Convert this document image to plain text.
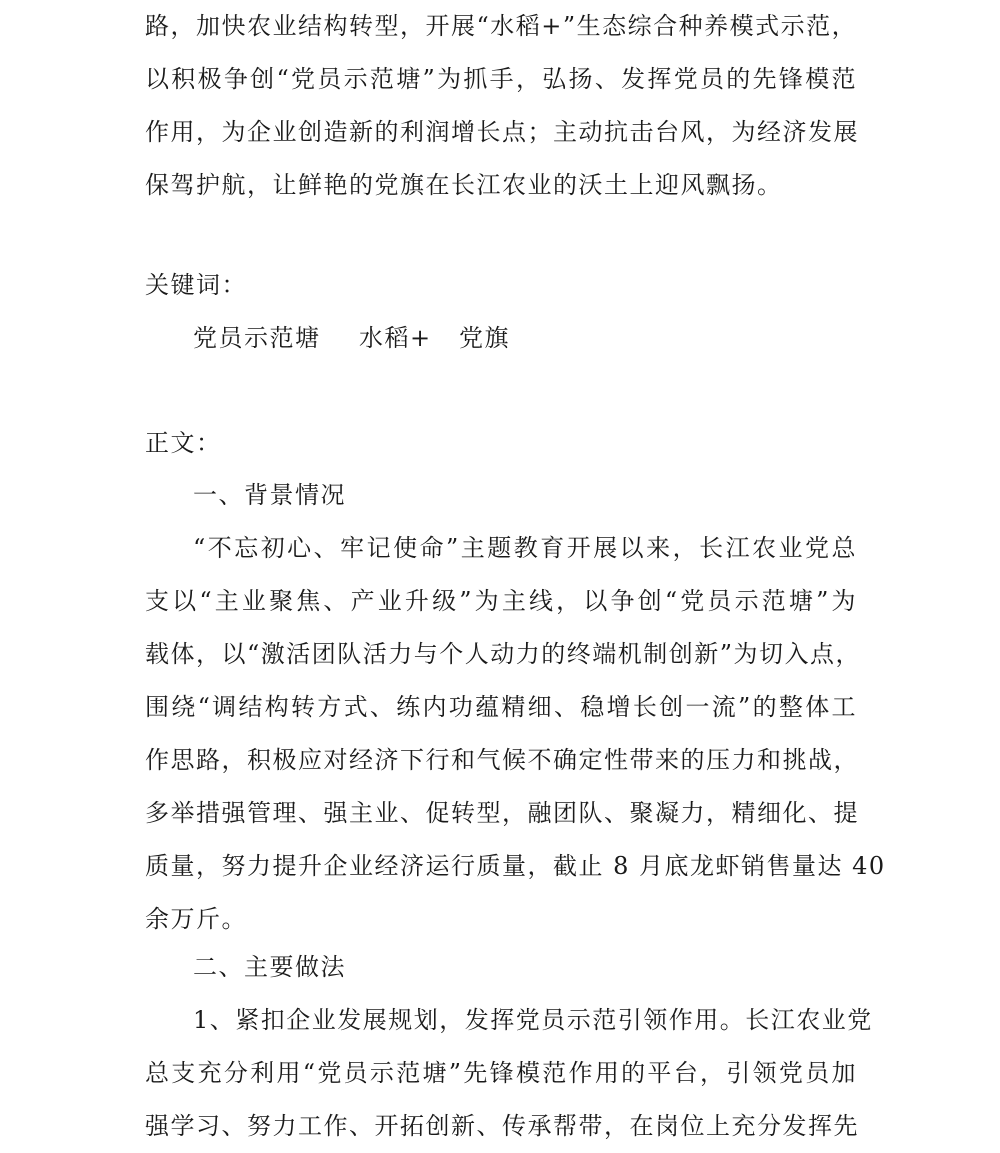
路，加快农业结构转型，开展“水稻+”生态综合种养模式示范，
以积极争创“党员示范塘”为抓手，弘扬、发挥党员的先锋模范
作用，为企业创造新的利润增长点；主动抗击台风，为经济发展
保驾护航，让鲜艳的党旗在长江农业的沃土上迎风飘扬。
关键词：
党员示范塘 水稻+ 党旗
正文：
一、背景情况
“不忘初心、牢记使命”主题教育开展以来，长江农业党总
支以“主业聚焦、产业升级”为主线，以争创“党员示范塘”为
载体，以“激活团队活力与个人动力的终端机制创新”为切入点，
围绕“调结构转方式、练内功蕴精细、稳增长创一流”的整体工
作思路，积极应对经济下行和气候不确定性带来的压力和挑战，
多举措强管理、强主业、促转型，融团队、聚凝力，精细化、提
质量，努力提升企业经济运行质量，截止 8 月底龙虾销售量达 40
余万斤。
二、主要做法
1、紧扣企业发展规划，发挥党员示范引领作用。长江农业党
总支充分利用“党员示范塘”先锋模范作用的平台，引领党员加
强学习、努力工作、开拓创新、传承帮带，在岗位上充分发挥先
